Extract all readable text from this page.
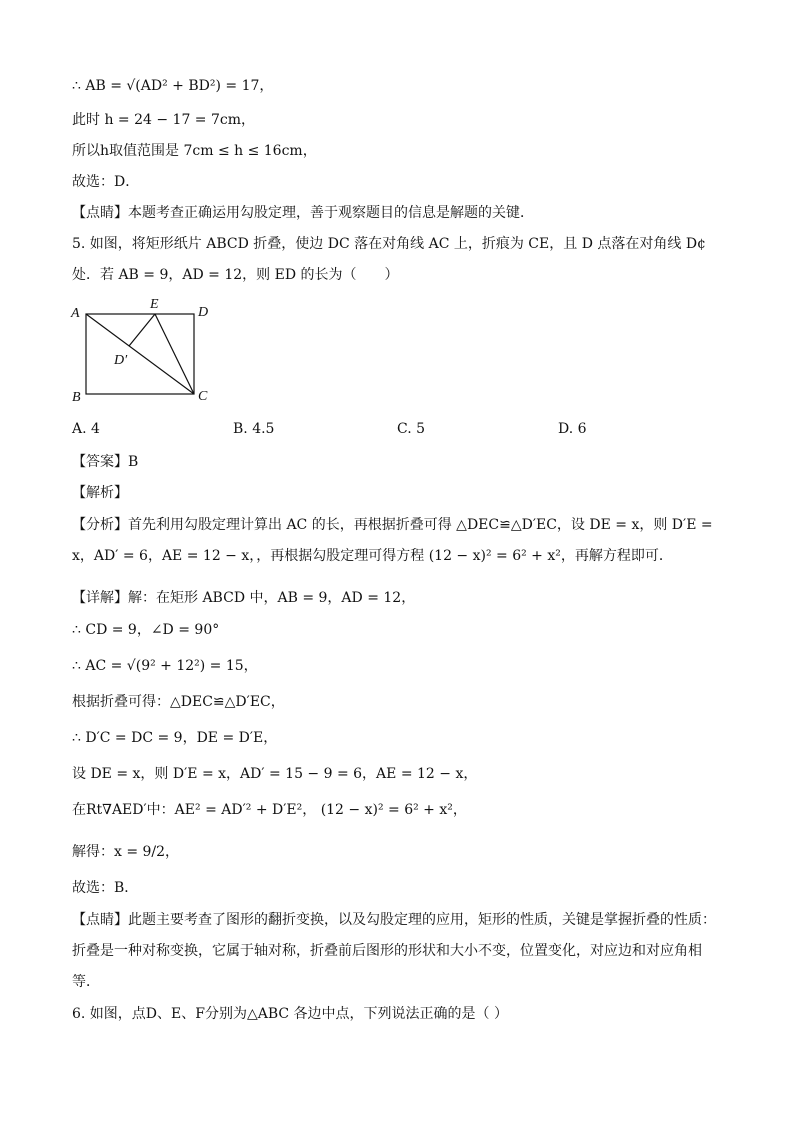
∴ AB = √(AD² + BD²) = 17，
此时 h = 24 − 17 = 7cm，
所以h取值范围是 7cm ≤ h ≤ 16cm，
故选：D．
【点睛】本题考查正确运用勾股定理，善于观察题目的信息是解题的关键．
5. 如图，将矩形纸片 ABCD 折叠，使边 DC 落在对角线 AC 上，折痕为 CE，且 D 点落在对角线 D¢
处．若 AB = 9，AD = 12，则 ED 的长为（　　）
A
B	C
D
E
D′
A. 4	B. 4.5	C. 5	D. 6
【答案】B
【解析】
【分析】首先利用勾股定理计算出 AC 的长，再根据折叠可得 △DEC≌△D′EC，设 DE = x，则 D′E = x，AD′ = 6，AE = 12 − x，，再根据勾股定理可得方程 (12 − x)² = 6² + x²，再解方程即可．
【详解】解：在矩形 ABCD 中，AB = 9，AD = 12，
∴ CD = 9，∠D = 90°
∴ AC = √(9² + 12²) = 15，
根据折叠可得：△DEC≌△D′EC，
∴ D′C = DC = 9，DE = D′E，
设 DE = x，则 D′E = x，AD′ = 15 − 9 = 6，AE = 12 − x，
在Rt∇AED′中：AE² = AD′² + D′E²， (12 − x)² = 6² + x²，
解得：x = 9/2，
故选：B．
【点睛】此题主要考查了图形的翻折变换，以及勾股定理的应用，矩形的性质，关键是掌握折叠的性质：折叠是一种对称变换，它属于轴对称，折叠前后图形的形状和大小不变，位置变化，对应边和对应角相等．
6. 如图，点D、E、F分别为△ABC 各边中点，下列说法正确的是（ ）
